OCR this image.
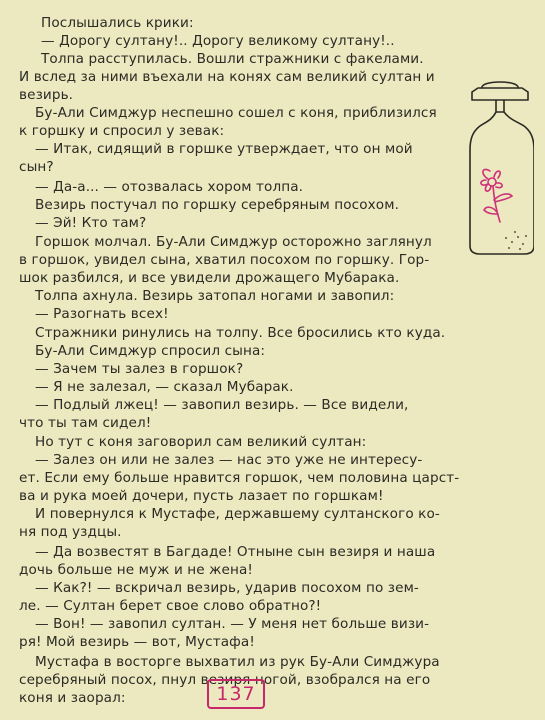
Послышались крики:
— Дорогу султану!.. Дорогу великому султану!..
Толпа расступилась. Вошли стражники с факелами.
И вслед за ними въехали на конях сам великий султан и
везирь.
Бу-Али Симджур неспешно сошел с коня, приблизился
к горшку и спросил у зевак:
— Итак, сидящий в горшке утверждает, что он мой
сын?
— Да-а... — отозвалась хором толпа.
Везирь постучал по горшку серебряным посохом.
— Эй! Кто там?
Горшок молчал. Бу-Али Симджур осторожно заглянул
в горшок, увидел сына, хватил посохом по горшку. Гор-
шок разбился, и все увидели дрожащего Мубарака.
Толпа ахнула. Везирь затопал ногами и завопил:
— Разогнать всех!
Стражники ринулись на толпу. Все бросились кто куда.
Бу-Али Симджур спросил сына:
— Зачем ты залез в горшок?
— Я не залезал, — сказал Мубарак.
— Подлый лжец! — завопил везирь. — Все видели,
что ты там сидел!
Но тут с коня заговорил сам великий султан:
— Залез он или не залез — нас это уже не интересу-
ет. Если ему больше нравится горшок, чем половина царст-
ва и рука моей дочери, пусть лазает по горшкам!
И повернулся к Мустафе, державшему султанского ко-
ня под уздцы.
— Да возвестят в Багдаде! Отныне сын везиря и наша
дочь больше не муж и не жена!
— Как?! — вскричал везирь, ударив посохом по зем-
ле. — Султан берет свое слово обратно?!
— Вон! — завопил султан. — У меня нет больше визи-
ря! Мой везирь — вот, Мустафа!
Мустафа в восторге выхватил из рук Бу-Али Симджура
серебряный посох, пнул везиря ногой, взобрался на его
коня и заорал:	137
